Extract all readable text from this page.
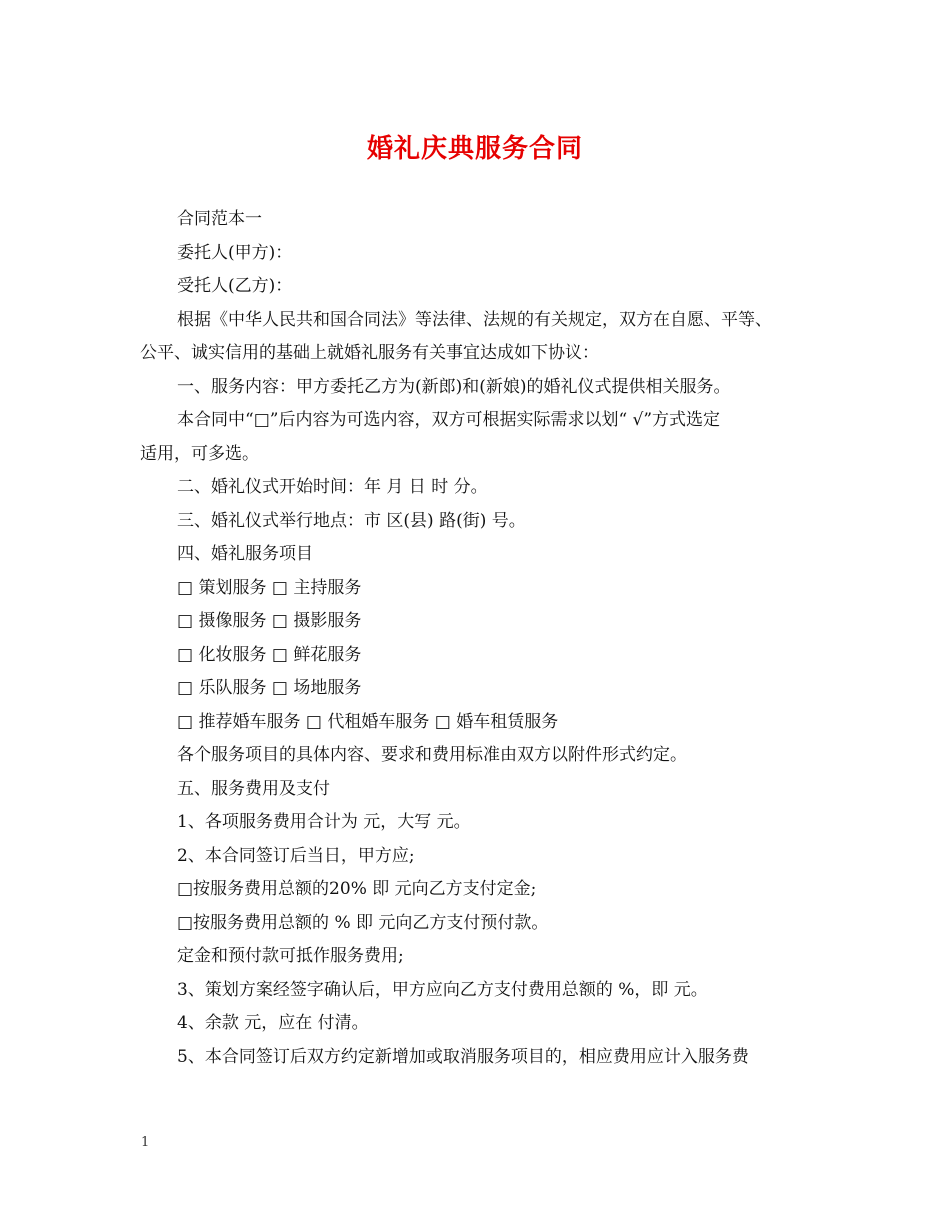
婚礼庆典服务合同
合同范本一
委托人(甲方)：
受托人(乙方)：
根据《中华人民共和国合同法》等法律、法规的有关规定，双方在自愿、平等、
公平、诚实信用的基础上就婚礼服务有关事宜达成如下协议：
一、服务内容：甲方委托乙方为(新郎)和(新娘)的婚礼仪式提供相关服务。
本合同中“□”后内容为可选内容，双方可根据实际需求以划“ √”方式选定
适用，可多选。
二、婚礼仪式开始时间：年 月 日 时 分。
三、婚礼仪式举行地点：市 区(县) 路(街) 号。
四、婚礼服务项目
□ 策划服务 □ 主持服务
□ 摄像服务 □ 摄影服务
□ 化妆服务 □ 鲜花服务
□ 乐队服务 □ 场地服务
□ 推荐婚车服务 □ 代租婚车服务 □ 婚车租赁服务
各个服务项目的具体内容、要求和费用标准由双方以附件形式约定。
五、服务费用及支付
1、各项服务费用合计为 元，大写 元。
2、本合同签订后当日，甲方应;
□按服务费用总额的20% 即 元向乙方支付定金;
□按服务费用总额的 % 即 元向乙方支付预付款。
定金和预付款可抵作服务费用;
3、策划方案经签字确认后，甲方应向乙方支付费用总额的 %，即 元。
4、余款 元，应在 付清。
5、本合同签订后双方约定新增加或取消服务项目的，相应费用应计入服务费
1
